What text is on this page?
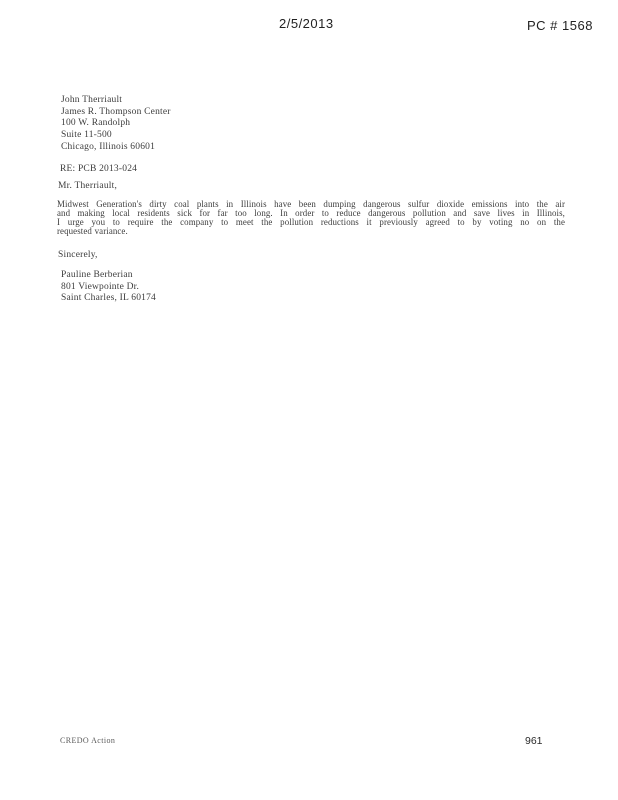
2/5/2013	PC # 1568
John Therriault
James R. Thompson Center
100 W. Randolph
Suite 11-500
Chicago, Illinois 60601
RE: PCB 2013-024
Mr. Therriault,
Midwest Generation's dirty coal plants in Illinois have been dumping dangerous sulfur dioxide emissions into the air
and making local residents sick for far too long. In order to reduce dangerous pollution and save lives in Illinois,
I urge you to require the company to meet the pollution reductions it previously agreed to by voting no on the
requested variance.
Sincerely,
Pauline Berberian
801 Viewpointe Dr.
Saint Charles, IL 60174
CREDO Action	961
